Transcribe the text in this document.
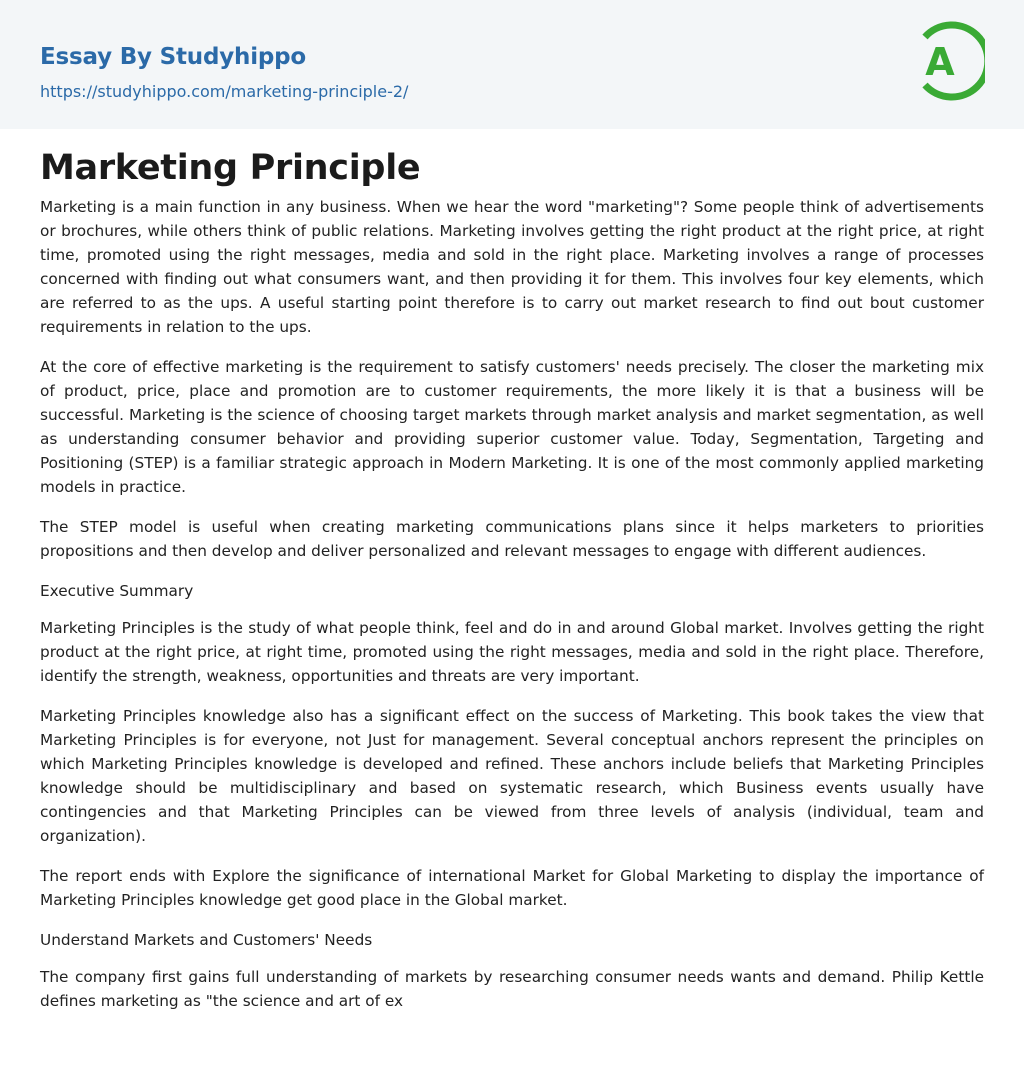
Essay By Studyhippo
https://studyhippo.com/marketing-principle-2/
A
Marketing Principle

Marketing is a main function in any business. When we hear the word "marketing"? Some people think of advertisements or brochures, while others think of public relations. Marketing involves getting the right product at the right price, at right time, promoted using the right messages, media and sold in the right place. Marketing involves a range of processes concerned with finding out what consumers want, and then providing it for them. This involves four key elements, which are referred to as the ups. A useful starting point therefore is to carry out market research to find out bout customer requirements in relation to the ups.

At the core of effective marketing is the requirement to satisfy customers' needs precisely. The closer the marketing mix of product, price, place and promotion are to customer requirements, the more likely it is that a business will be successful. Marketing is the science of choosing target markets through market analysis and market segmentation, as well as understanding consumer behavior and providing superior customer value. Today, Segmentation, Targeting and Positioning (STEP) is a familiar strategic approach in Modern Marketing. It is one of the most commonly applied marketing models in practice.

The STEP model is useful when creating marketing communications plans since it helps marketers to priorities propositions and then develop and deliver personalized and relevant messages to engage with different audiences.

Executive Summary

Marketing Principles is the study of what people think, feel and do in and around Global market. Involves getting the right product at the right price, at right time, promoted using the right messages, media and sold in the right place. Therefore, identify the strength, weakness, opportunities and threats are very important.

Marketing Principles knowledge also has a significant effect on the success of Marketing. This book takes the view that Marketing Principles is for everyone, not Just for management. Several conceptual anchors represent the principles on which Marketing Principles knowledge is developed and refined. These anchors include beliefs that Marketing Principles knowledge should be multidisciplinary and based on systematic research, which Business events usually have contingencies and that Marketing Principles can be viewed from three levels of analysis (individual, team and organization).

The report ends with Explore the significance of international Market for Global Marketing to display the importance of Marketing Principles knowledge get good place in the Global market.

Understand Markets and Customers' Needs

The company first gains full understanding of markets by researching consumer needs wants and demand. Philip Kettle defines marketing as "the science and art of ex
